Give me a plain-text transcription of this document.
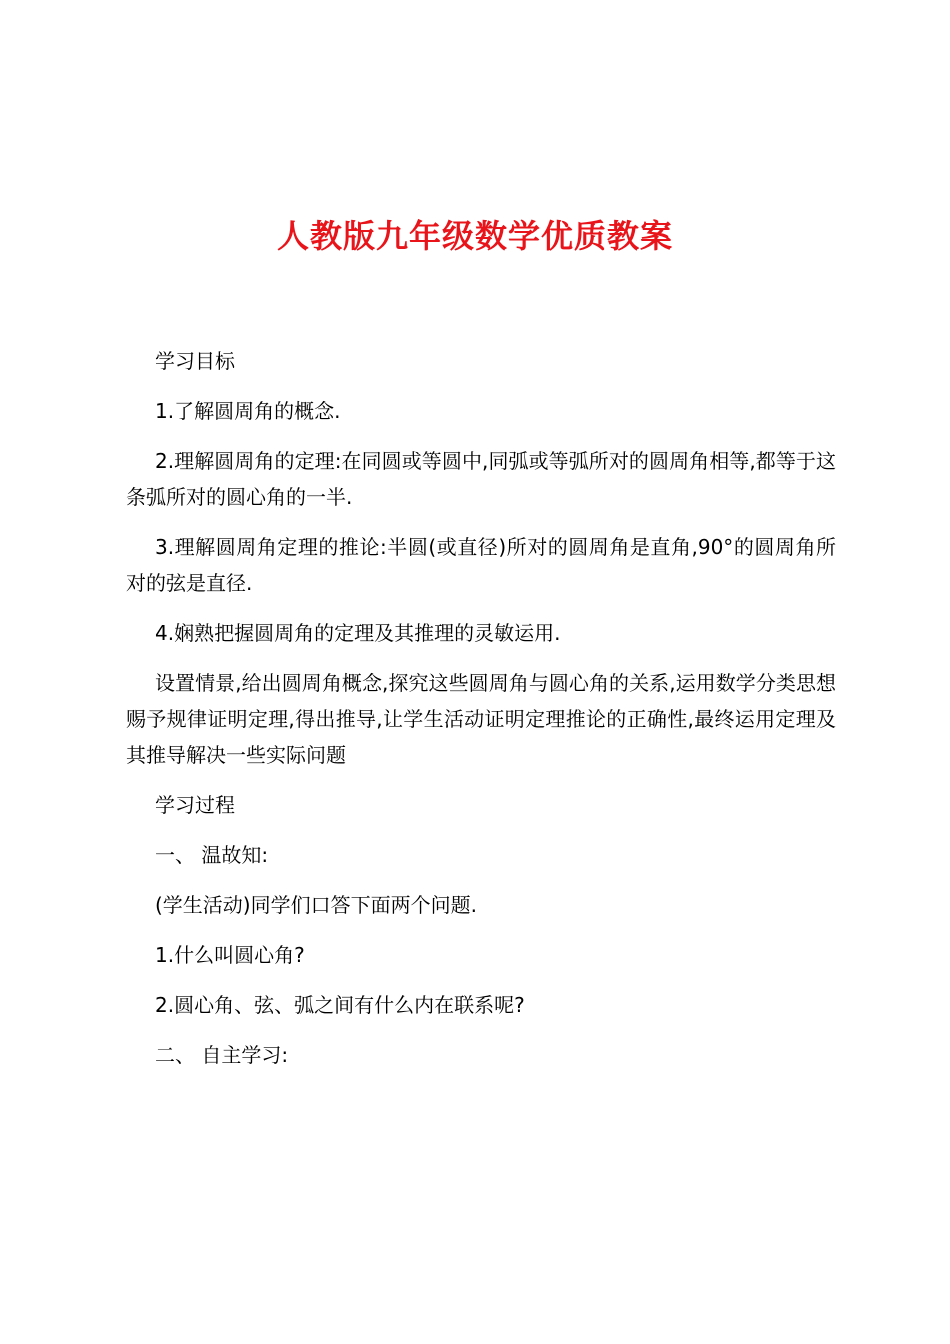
人教版九年级数学优质教案

学习目标

1.了解圆周角的概念.

2.理解圆周角的定理:在同圆或等圆中,同弧或等弧所对的圆周角相等,都等于这条弧所对的圆心角的一半.

3.理解圆周角定理的推论:半圆(或直径)所对的圆周角是直角,90°的圆周角所对的弦是直径.

4.娴熟把握圆周角的定理及其推理的灵敏运用.

设置情景,给出圆周角概念,探究这些圆周角与圆心角的关系,运用数学分类思想赐予规律证明定理,得出推导,让学生活动证明定理推论的正确性,最终运用定理及其推导解决一些实际问题

学习过程

一、 温故知:

(学生活动)同学们口答下面两个问题.

1.什么叫圆心角?

2.圆心角、弦、弧之间有什么内在联系呢?

二、 自主学习:
